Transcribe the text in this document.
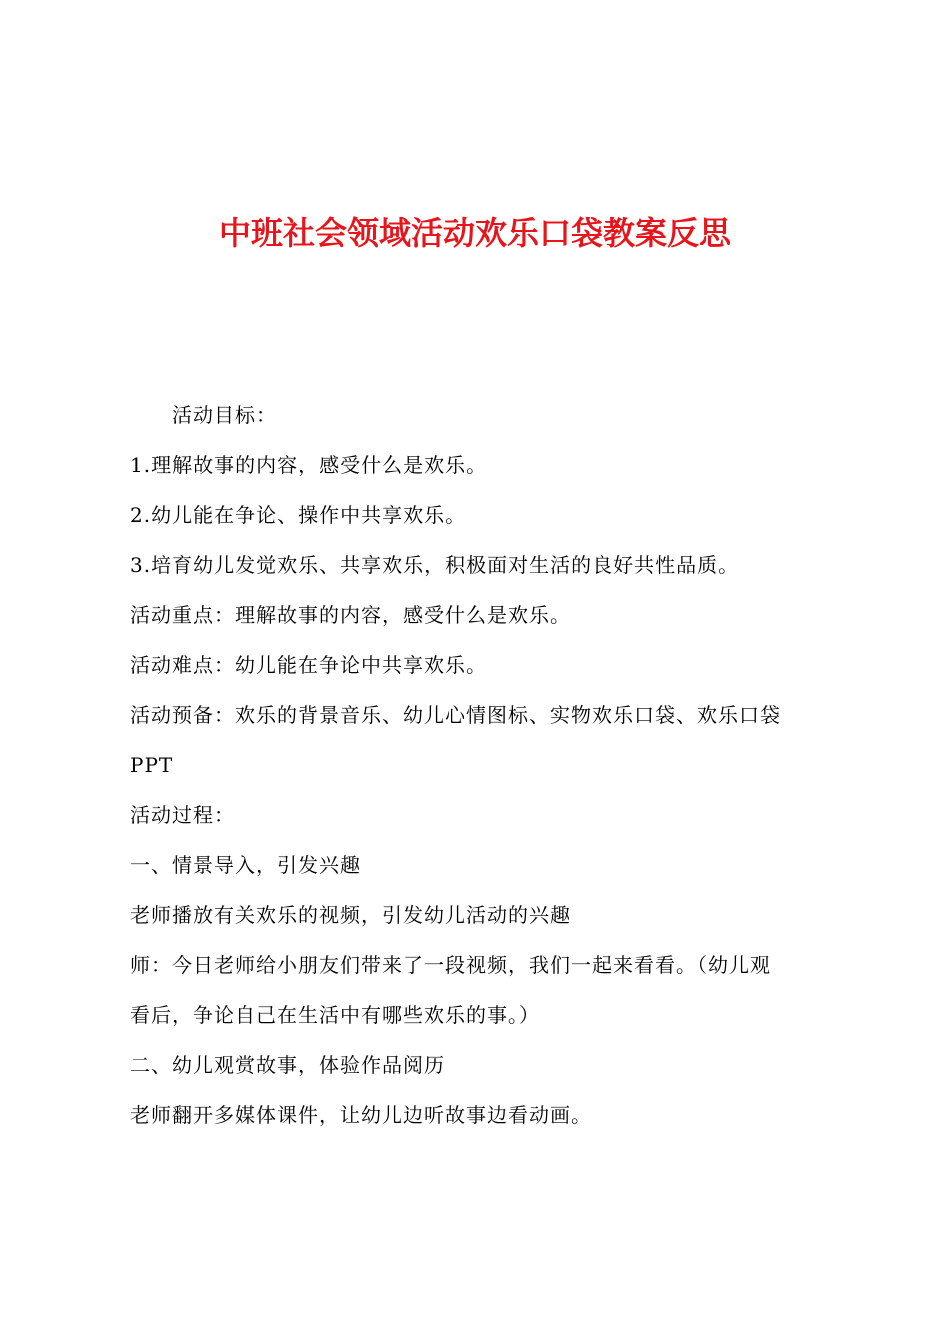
中班社会领域活动欢乐口袋教案反思
活动目标：
1.理解故事的内容，感受什么是欢乐。
2.幼儿能在争论、操作中共享欢乐。
3.培育幼儿发觉欢乐、共享欢乐，积极面对生活的良好共性品质。
活动重点：理解故事的内容，感受什么是欢乐。
活动难点：幼儿能在争论中共享欢乐。
活动预备：欢乐的背景音乐、幼儿心情图标、实物欢乐口袋、欢乐口袋
PPT
活动过程：
一、情景导入，引发兴趣
老师播放有关欢乐的视频，引发幼儿活动的兴趣
师：今日老师给小朋友们带来了一段视频，我们一起来看看。（幼儿观
看后，争论自己在生活中有哪些欢乐的事。）
二、幼儿观赏故事，体验作品阅历
老师翻开多媒体课件，让幼儿边听故事边看动画。
